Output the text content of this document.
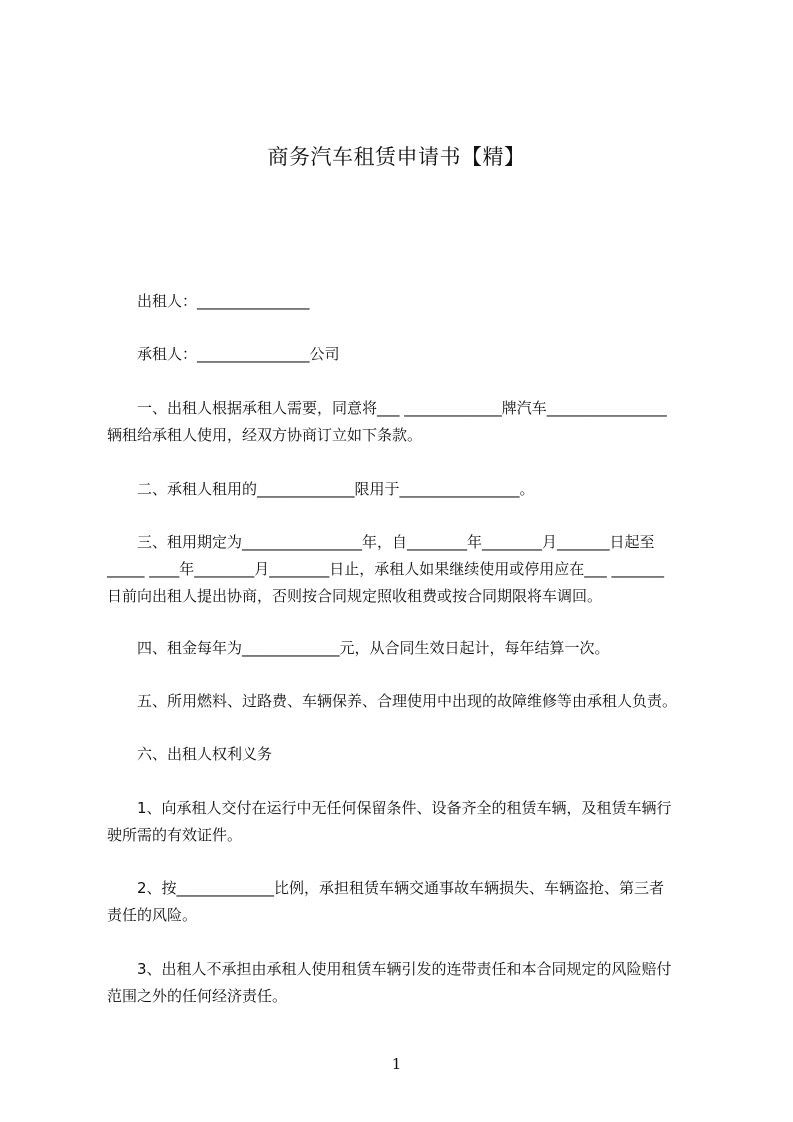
商务汽车租赁申请书【精】
　　出租人：_______________
　　承租人：_______________公司
　　一、出租人根据承租人需要，同意将___ _____________牌汽车________________
辆租给承租人使用，经双方协商订立如下条款。
　　二、承租人租用的_____________限用于________________。
　　三、租用期定为________________年，自________年________月_______日起至
_____ ____年________月________日止，承租人如果继续使用或停用应在___ _______
日前向出租人提出协商，否则按合同规定照收租费或按合同期限将车调回。
　　四、租金每年为_____________元，从合同生效日起计，每年结算一次。
　　五、所用燃料、过路费、车辆保养、合理使用中出现的故障维修等由承租人负责。
　　六、出租人权利义务
　　1、向承租人交付在运行中无任何保留条件、设备齐全的租赁车辆，及租赁车辆行
驶所需的有效证件。
　　2、按_____________比例，承担租赁车辆交通事故车辆损失、车辆盗抢、第三者
责任的风险。
　　3、出租人不承担由承租人使用租赁车辆引发的连带责任和本合同规定的风险赔付
范围之外的任何经济责任。
1
